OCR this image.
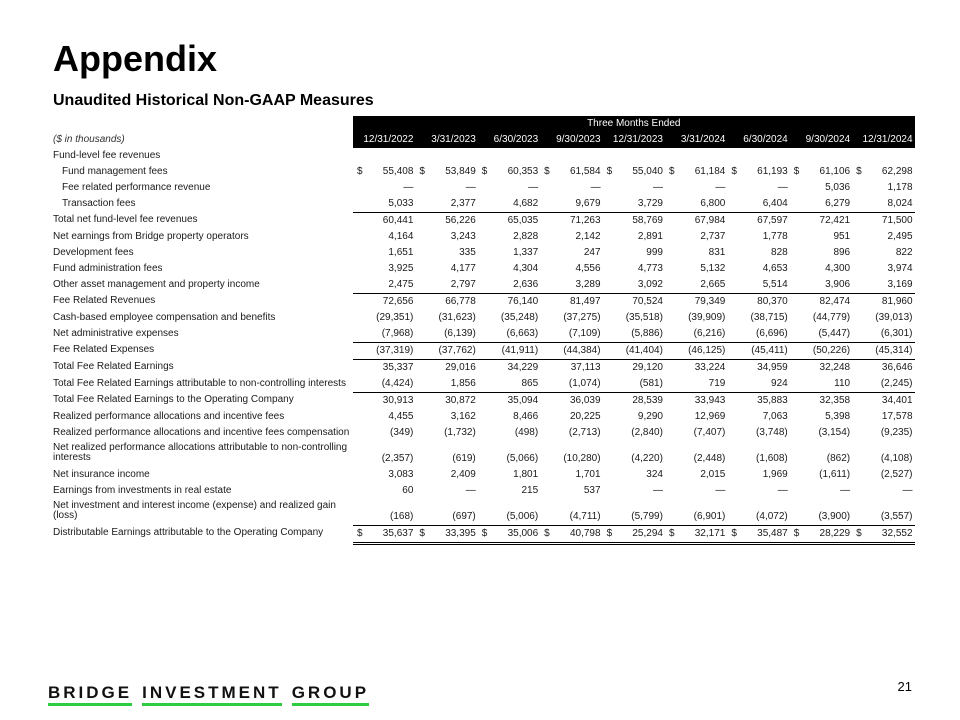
Appendix
Unaudited Historical Non-GAAP Measures
Three Months Ended
($ in thousands)	12/31/2022	3/31/2023	6/30/2023	9/30/2023	12/31/2023	3/31/2024	6/30/2024	9/30/2024	12/31/2024
Fund-level fee revenues
Fund management fees	$ 55,408 $ 53,849 $ 60,353 $ 61,584 $ 55,040 $ 61,184 $ 61,193 $ 61,106 $ 62,298
Fee related performance revenue	—	—	—	—	—	—	—	5,036	1,178
Transaction fees	5,033	2,377	4,682	9,679	3,729	6,800	6,404	6,279	8,024
Total net fund-level fee revenues	60,441	56,226	65,035	71,263	58,769	67,984	67,597	72,421	71,500
Net earnings from Bridge property operators	4,164	3,243	2,828	2,142	2,891	2,737	1,778	951	2,495
Development fees	1,651	335	1,337	247	999	831	828	896	822
Fund administration fees	3,925	4,177	4,304	4,556	4,773	5,132	4,653	4,300	3,974
Other asset management and property income	2,475	2,797	2,636	3,289	3,092	2,665	5,514	3,906	3,169
Fee Related Revenues	72,656	66,778	76,140	81,497	70,524	79,349	80,370	82,474	81,960
Cash-based employee compensation and benefits	(29,351)	(31,623)	(35,248)	(37,275)	(35,518)	(39,909)	(38,715)	(44,779)	(39,013)
Net administrative expenses	(7,968)	(6,139)	(6,663)	(7,109)	(5,886)	(6,216)	(6,696)	(5,447)	(6,301)
Fee Related Expenses	(37,319)	(37,762)	(41,911)	(44,384)	(41,404)	(46,125)	(45,411)	(50,226)	(45,314)
Total Fee Related Earnings	35,337	29,016	34,229	37,113	29,120	33,224	34,959	32,248	36,646
Total Fee Related Earnings attributable to non-controlling interests	(4,424)	1,856	865	(1,074)	(581)	719	924	110	(2,245)
Total Fee Related Earnings to the Operating Company	30,913	30,872	35,094	36,039	28,539	33,943	35,883	32,358	34,401
Realized performance allocations and incentive fees	4,455	3,162	8,466	20,225	9,290	12,969	7,063	5,398	17,578
Realized performance allocations and incentive fees compensation	(349)	(1,732)	(498)	(2,713)	(2,840)	(7,407)	(3,748)	(3,154)	(9,235)
Net realized performance allocations attributable to non-controlling interests	(2,357)	(619)	(5,066)	(10,280)	(4,220)	(2,448)	(1,608)	(862)	(4,108)
Net insurance income	3,083	2,409	1,801	1,701	324	2,015	1,969	(1,611)	(2,527)
Earnings from investments in real estate	60	—	215	537	—	—	—	—	—
Net investment and interest income (expense) and realized gain (loss)	(168)	(697)	(5,006)	(4,711)	(5,799)	(6,901)	(4,072)	(3,900)	(3,557)
Distributable Earnings attributable to the Operating Company	$ 35,637 $ 33,395 $ 35,006 $ 40,798 $ 25,294 $ 32,171 $ 35,487 $ 28,229 $ 32,552
BRIDGE INVESTMENT GROUP	21
